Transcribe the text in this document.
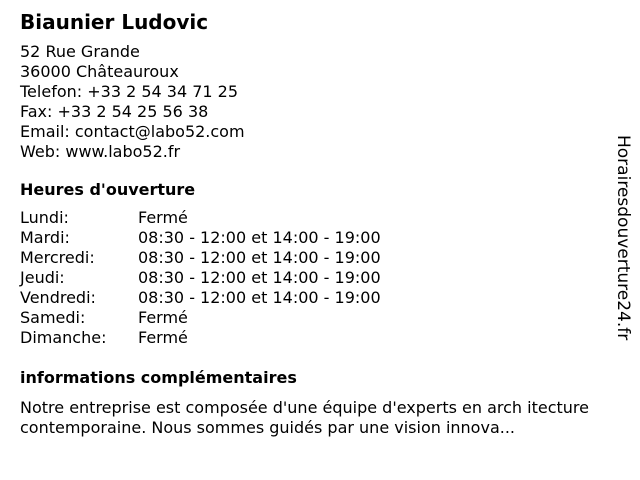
Biaunier Ludovic
52 Rue Grande
36000 Châteauroux
Telefon: +33 2 54 34 71 25
Fax: +33 2 54 25 56 38
Email: contact@labo52.com
Web: www.labo52.fr
Heures d'ouverture
Lundi:	Fermé
Mardi:	08:30 - 12:00 et 14:00 - 19:00
Mercredi:	08:30 - 12:00 et 14:00 - 19:00
Jeudi:	08:30 - 12:00 et 14:00 - 19:00
Vendredi:	08:30 - 12:00 et 14:00 - 19:00
Samedi:	Fermé
Dimanche:	Fermé
informations complémentaires
Notre entreprise est composée d'une équipe d'experts en arch itecture contemporaine. Nous sommes guidés par une vision innova...
Horairesdouverture24.fr
